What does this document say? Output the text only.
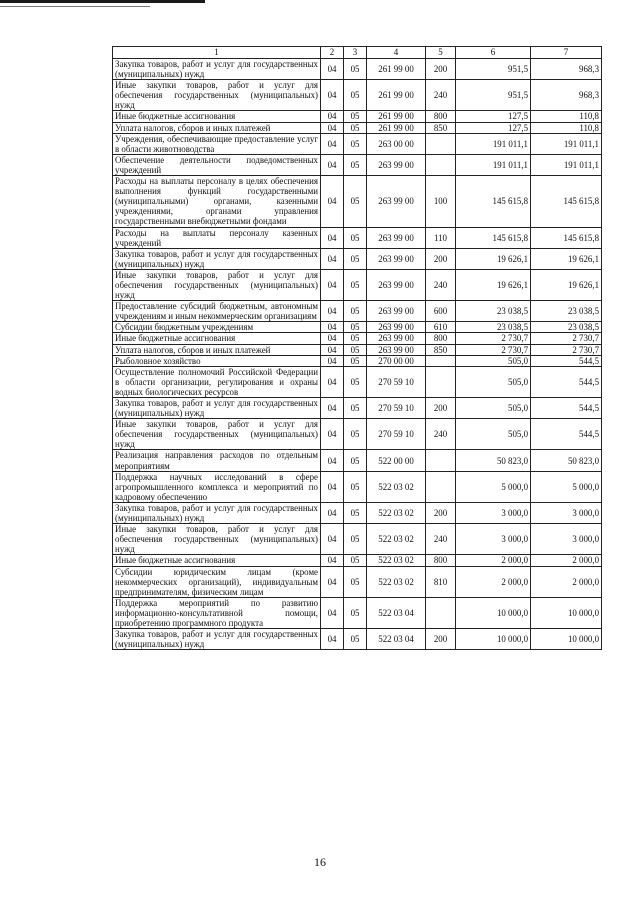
1	2	3	4	5	6	7
Закупка товаров, работ и услуг для государственных (муниципальных) нужд	04	05	261 99 00	200	951,5	968,3
Иные закупки товаров, работ и услуг для обеспечения государственных (муниципальных) нужд	04	05	261 99 00	240	951,5	968,3
Иные бюджетные ассигнования	04	05	261 99 00	800	127,5	110,8
Уплата налогов, сборов и иных платежей	04	05	261 99 00	850	127,5	110,8
Учреждения, обеспечивающие предоставление услуг в области животноводства	04	05	263 00 00		191 011,1	191 011,1
Обеспечение деятельности подведомственных учреждений	04	05	263 99 00		191 011,1	191 011,1
Расходы на выплаты персоналу в целях обеспечения выполнения функций государственными (муниципальными) органами, казенными учреждениями, органами управления государственными внебюджетными фондами	04	05	263 99 00	100	145 615,8	145 615,8
Расходы на выплаты персоналу казенных учреждений	04	05	263 99 00	110	145 615,8	145 615,8
Закупка товаров, работ и услуг для государственных (муниципальных) нужд	04	05	263 99 00	200	19 626,1	19 626,1
Иные закупки товаров, работ и услуг для обеспечения государственных (муниципальных) нужд	04	05	263 99 00	240	19 626,1	19 626,1
Предоставление субсидий бюджетным, автономным учреждениям и иным некоммерческим организациям	04	05	263 99 00	600	23 038,5	23 038,5
Субсидии бюджетным учреждениям	04	05	263 99 00	610	23 038,5	23 038,5
Иные бюджетные ассигнования	04	05	263 99 00	800	2 730,7	2 730,7
Уплата налогов, сборов и иных платежей	04	05	263 99 00	850	2 730,7	2 730,7
Рыболовное хозяйство	04	05	270 00 00		505,0	544,5
Осуществление полномочий Российской Федерации в области организации, регулирования и охраны водных биологических ресурсов	04	05	270 59 10		505,0	544,5
Закупка товаров, работ и услуг для государственных (муниципальных) нужд	04	05	270 59 10	200	505,0	544,5
Иные закупки товаров, работ и услуг для обеспечения государственных (муниципальных) нужд	04	05	270 59 10	240	505,0	544,5
Реализация направления расходов по отдельным мероприятиям	04	05	522 00 00		50 823,0	50 823,0
Поддержка научных исследований в сфере агропромышленного комплекса и мероприятий по кадровому обеспечению	04	05	522 03 02		5 000,0	5 000,0
Закупка товаров, работ и услуг для государственных (муниципальных) нужд	04	05	522 03 02	200	3 000,0	3 000,0
Иные закупки товаров, работ и услуг для обеспечения государственных (муниципальных) нужд	04	05	522 03 02	240	3 000,0	3 000,0
Иные бюджетные ассигнования	04	05	522 03 02	800	2 000,0	2 000,0
Субсидии юридическим лицам (кроме некоммерческих организаций), индивидуальным предпринимателям, физическим лицам	04	05	522 03 02	810	2 000,0	2 000,0
Поддержка мероприятий по развитию информационно-консультативной помощи, приобретению программного продукта	04	05	522 03 04		10 000,0	10 000,0
Закупка товаров, работ и услуг для государственных (муниципальных) нужд	04	05	522 03 04	200	10 000,0	10 000,0
16
